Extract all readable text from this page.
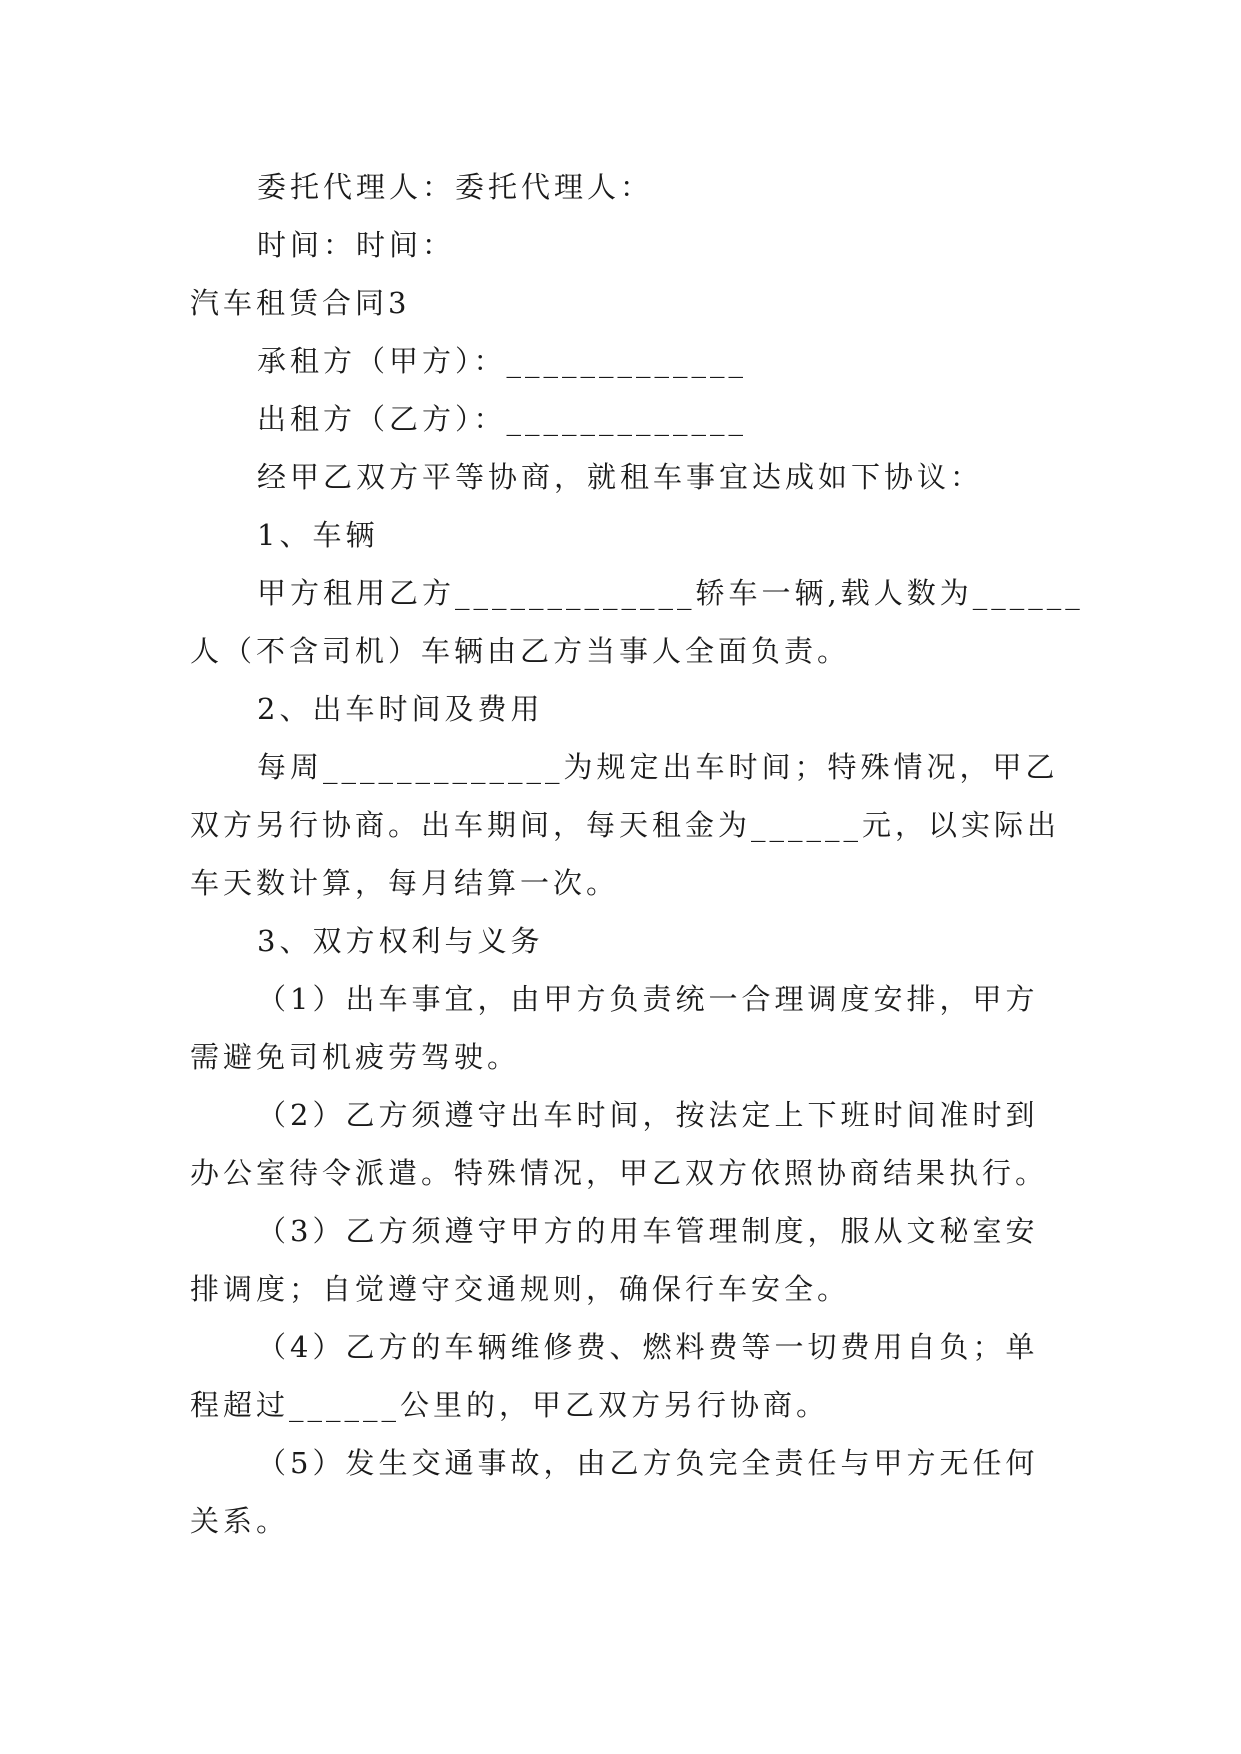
委托代理人：委托代理人：
时间：时间：
汽车租赁合同3
承租方（甲方）：_____________
出租方（乙方）：_____________
经甲乙双方平等协商，就租车事宜达成如下协议：
1、车辆
甲方租用乙方_____________轿车一辆,载人数为______
人（不含司机）车辆由乙方当事人全面负责。
2、出车时间及费用
每周_____________为规定出车时间；特殊情况，甲乙
双方另行协商。出车期间，每天租金为______元，以实际出
车天数计算，每月结算一次。
3、双方权利与义务
（1）出车事宜，由甲方负责统一合理调度安排，甲方
需避免司机疲劳驾驶。
（2）乙方须遵守出车时间，按法定上下班时间准时到
办公室待令派遣。特殊情况，甲乙双方依照协商结果执行。
（3）乙方须遵守甲方的用车管理制度，服从文秘室安
排调度；自觉遵守交通规则，确保行车安全。
（4）乙方的车辆维修费、燃料费等一切费用自负；单
程超过______公里的，甲乙双方另行协商。
（5）发生交通事故，由乙方负完全责任与甲方无任何
关系。
